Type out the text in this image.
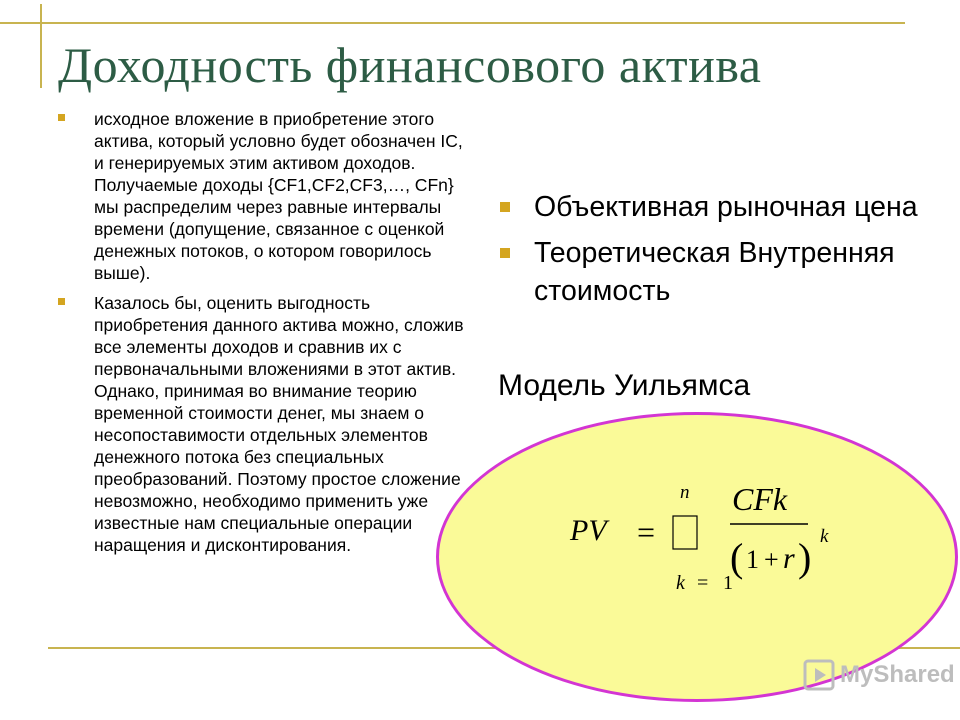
Доходность финансового актива

исходное вложение в приобретение этого актива, который условно будет обозначен IC, и генерируемых этим активом доходов. Получаемые доходы {CF1,CF2,CF3,…, CFn} мы распределим через равные интервалы времени (допущение, связанное с оценкой денежных потоков, о котором говорилось выше).

Казалось бы, оценить выгодность приобретения данного актива можно, сложив все элементы доходов и сравнив их с первоначальными вложениями в этот актив. Однако, принимая во внимание теорию временной стоимости денег, мы знаем о несопоставимости отдельных элементов денежного потока без специальных преобразований. Поэтому простое сложение невозможно, необходимо применить уже известные нам специальные операции наращения и дисконтирования.

Объективная рыночная цена

Теоретическая Внутренняя стоимость

Модель Уильямса
PV
n CFk
r
k
k
=
( 1 + )
= 1
MyShared
